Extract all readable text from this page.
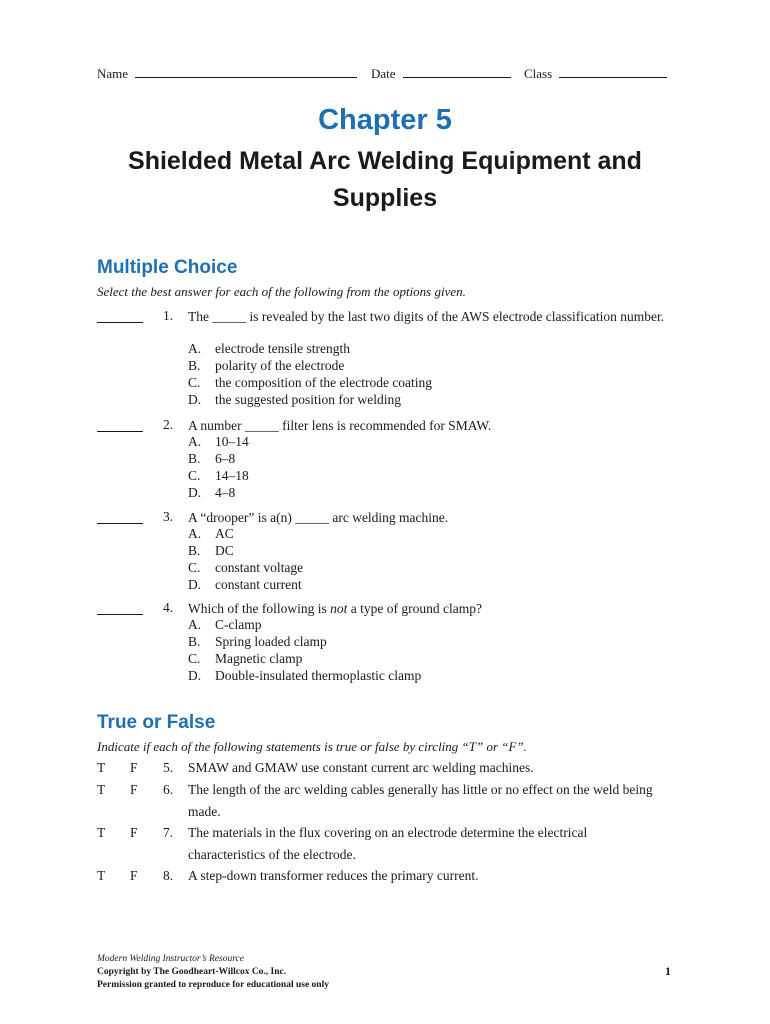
Name	Date	Class
Chapter 5
Shielded Metal Arc Welding Equipment and
Supplies
Multiple Choice
Select the best answer for each of the following from the options given.
1. The _____ is revealed by the last two digits of the AWS electrode classification number.
A. electrode tensile strength
B. polarity of the electrode
C. the composition of the electrode coating
D. the suggested position for welding
2. A number _____ filter lens is recommended for SMAW.
A. 10–14
B. 6–8
C. 14–18
D. 4–8
3. A “drooper” is a(n) _____ arc welding machine.
A. AC
B. DC
C. constant voltage
D. constant current
4. Which of the following is not a type of ground clamp?
A. C-clamp
B. Spring loaded clamp
C. Magnetic clamp
D. Double-insulated thermoplastic clamp
True or False
Indicate if each of the following statements is true or false by circling “T” or “F”.
T F 5. SMAW and GMAW use constant current arc welding machines.
T F 6. The length of the arc welding cables generally has little or no effect on the weld being made.
T F 7. The materials in the flux covering on an electrode determine the electrical characteristics of the electrode.
T F 8. A step-down transformer reduces the primary current.
Modern Welding Instructor’s Resource
Copyright by The Goodheart-Willcox Co., Inc.
Permission granted to reproduce for educational use only
1
